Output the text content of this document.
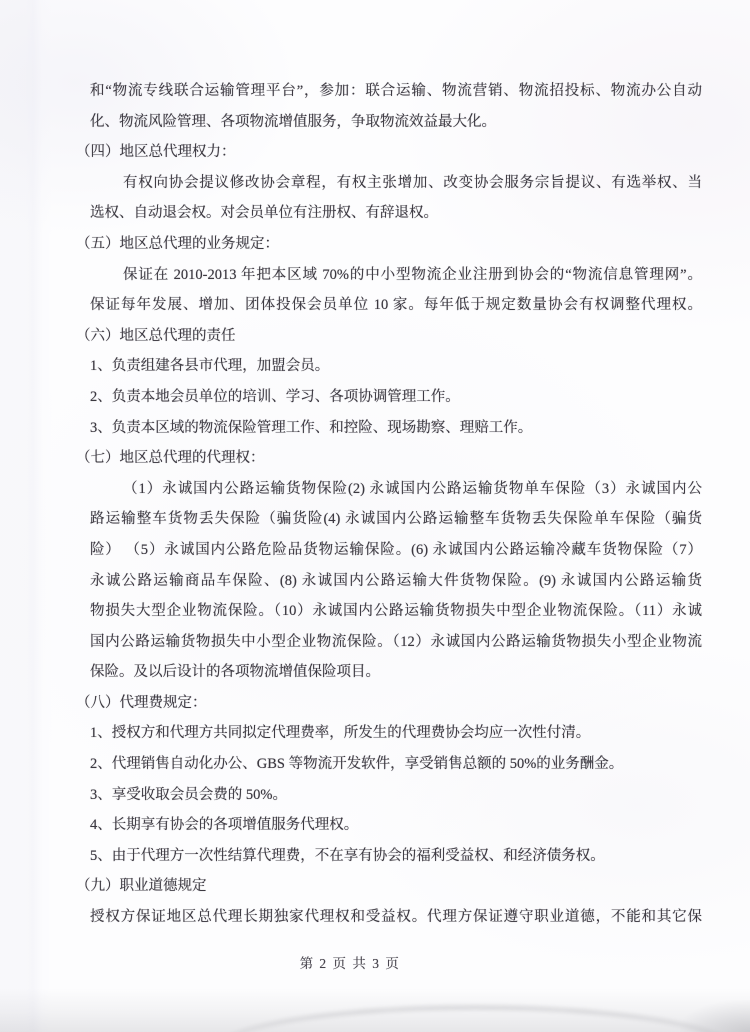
和“物流专线联合运输管理平台”，参加：联合运输、物流营销、物流招投标、物流办公自动
化、物流风险管理、各项物流增值服务，争取物流效益最大化。
（四）地区总代理权力：
有权向协会提议修改协会章程，有权主张增加、改变协会服务宗旨提议、有选举权、当
选权、自动退会权。对会员单位有注册权、有辞退权。
（五）地区总代理的业务规定：
保证在 2010-2013 年把本区域 70%的中小型物流企业注册到协会的“物流信息管理网”。
保证每年发展、增加、团体投保会员单位 10 家。每年低于规定数量协会有权调整代理权。
（六）地区总代理的责任
1、负责组建各县市代理，加盟会员。
2、负责本地会员单位的培训、学习、各项协调管理工作。
3、负责本区域的物流保险管理工作、和控险、现场勘察、理赔工作。
（七）地区总代理的代理权：
（1）永诚国内公路运输货物保险(2) 永诚国内公路运输货物单车保险（3）永诚国内公
路运输整车货物丢失保险（骗货险(4) 永诚国内公路运输整车货物丢失保险单车保险（骗货
险） （5）永诚国内公路危险品货物运输保险。(6) 永诚国内公路运输冷藏车货物保险（7）
永诚公路运输商品车保险、(8) 永诚国内公路运输大件货物保险。(9) 永诚国内公路运输货
物损失大型企业物流保险。（10）永诚国内公路运输货物损失中型企业物流保险。（11）永诚
国内公路运输货物损失中小型企业物流保险。（12）永诚国内公路运输货物损失小型企业物流
保险。及以后设计的各项物流增值保险项目。
（八）代理费规定：
1、授权方和代理方共同拟定代理费率，所发生的代理费协会均应一次性付清。
2、代理销售自动化办公、GBS 等物流开发软件，享受销售总额的 50%的业务酬金。
3、享受收取会员会费的 50%。
4、长期享有协会的各项增值服务代理权。
5、由于代理方一次性结算代理费，不在享有协会的福利受益权、和经济债务权。
（九）职业道德规定
授权方保证地区总代理长期独家代理权和受益权。代理方保证遵守职业道德，不能和其它保
第 2 页 共 3 页
